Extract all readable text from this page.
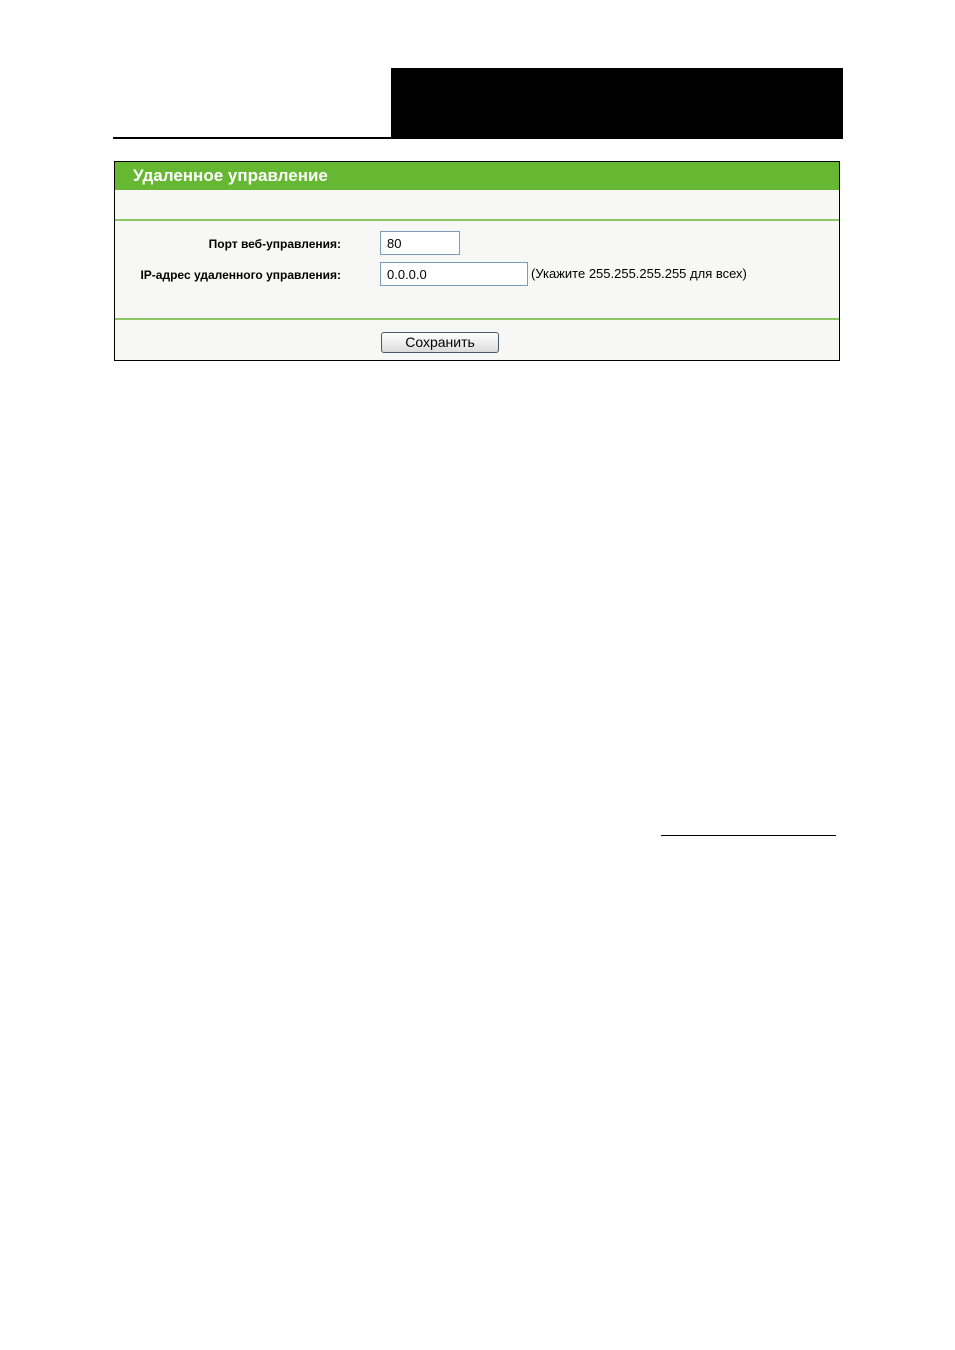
Удаленное управление
Порт веб-управления:
80
IP-адрес удаленного управления:
0.0.0.0	(Укажите 255.255.255.255 для всех)
Сохранить
